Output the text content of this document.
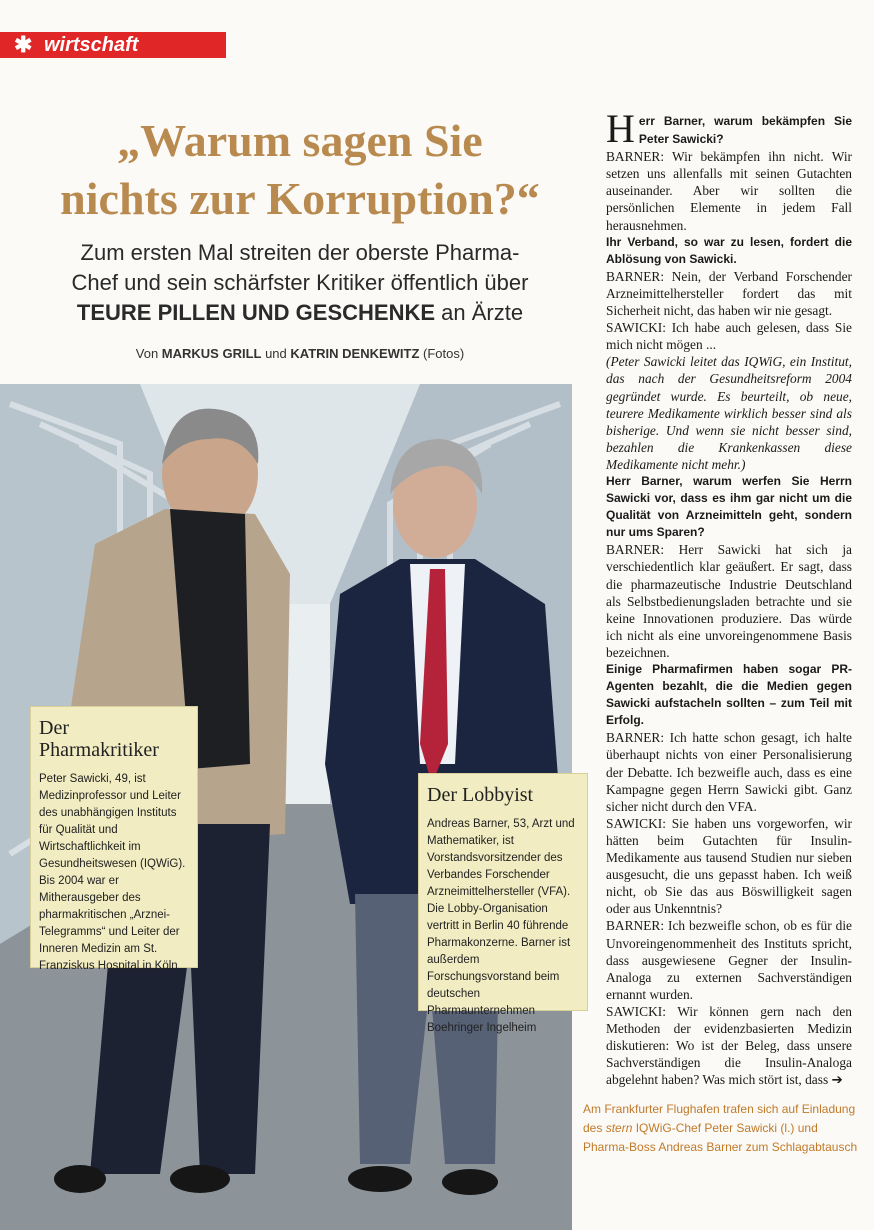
✱ wirtschaft
„Warum sagen Sie
nichts zur Korruption?“
Zum ersten Mal streiten der oberste Pharma-
Chef und sein schärfster Kritiker öffentlich über
TEURE PILLEN UND GESCHENKE an Ärzte
Von MARKUS GRILL und KATRIN DENKEWITZ (Fotos)
Der
Pharmakritiker

Peter Sawicki, 49, ist Medizinprofessor und Leiter des unabhängigen Instituts für Qualität und Wirtschaftlichkeit im Gesundheitswesen (IQWiG). Bis 2004 war er Mitherausgeber des pharmakritischen „Arznei-Telegramms“ und Leiter der Inneren Medizin am St. Franziskus Hospital in Köln

Der Lobbyist

Andreas Barner, 53, Arzt und Mathematiker, ist Vorstandsvorsitzender des Verbandes Forschender Arzneimittelhersteller (VFA). Die Lobby-Organisation vertritt in Berlin 40 führende Pharmakonzerne. Barner ist außerdem Forschungsvorstand beim deutschen Pharmaunternehmen Boehringer Ingelheim

Am Frankfurter Flughafen trafen sich auf Einladung des stern IQWiG-Chef Peter Sawicki (l.) und Pharma-Boss Andreas Barner zum Schlagabtausch

Herr Barner, warum bekämpfen Sie Peter Sawicki?

BARNER: Wir bekämpfen ihn nicht. Wir setzen uns allenfalls mit seinen Gutachten auseinander. Aber wir sollten die persönlichen Elemente in jedem Fall herausnehmen.

Ihr Verband, so war zu lesen, fordert die Ablösung von Sawicki.

BARNER: Nein, der Verband Forschender Arzneimittelhersteller fordert das mit Sicherheit nicht, das haben wir nie gesagt.

SAWICKI: Ich habe auch gelesen, dass Sie mich nicht mögen ...

(Peter Sawicki leitet das IQWiG, ein Institut, das nach der Gesundheitsreform 2004 gegründet wurde. Es beurteilt, ob neue, teurere Medikamente wirklich besser sind als bisherige. Und wenn sie nicht besser sind, bezahlen die Krankenkassen diese Medikamente nicht mehr.)

Herr Barner, warum werfen Sie Herrn Sawicki vor, dass es ihm gar nicht um die Qualität von Arzneimitteln geht, sondern nur ums Sparen?

BARNER: Herr Sawicki hat sich ja verschiedentlich klar geäußert. Er sagt, dass die pharmazeutische Industrie Deutschland als Selbstbedienungsladen betrachte und sie keine Innovationen produziere. Das würde ich nicht als eine unvoreingenommene Basis bezeichnen.

Einige Pharmafirmen haben sogar PR-Agenten bezahlt, die die Medien gegen Sawicki aufstacheln sollten – zum Teil mit Erfolg.

BARNER: Ich hatte schon gesagt, ich halte überhaupt nichts von einer Personalisierung der Debatte. Ich bezweifle auch, dass es eine Kampagne gegen Herrn Sawicki gibt. Ganz sicher nicht durch den VFA.

SAWICKI: Sie haben uns vorgeworfen, wir hätten beim Gutachten für Insulin-Medikamente aus tausend Studien nur sieben ausgesucht, die uns gepasst haben. Ich weiß nicht, ob Sie das aus Böswilligkeit sagen oder aus Unkenntnis?

BARNER: Ich bezweifle schon, ob es für die Unvoreingenommenheit des Instituts spricht, dass ausgewiesene Gegner der Insulin-Analoga zu externen Sachverständigen ernannt wurden.

SAWICKI: Wir können gern nach den Methoden der evidenzbasierten Medizin diskutieren: Wo ist der Beleg, dass unsere Sachverständigen die Insulin-Analoga abgelehnt haben? Was mich stört ist, dass ➔
